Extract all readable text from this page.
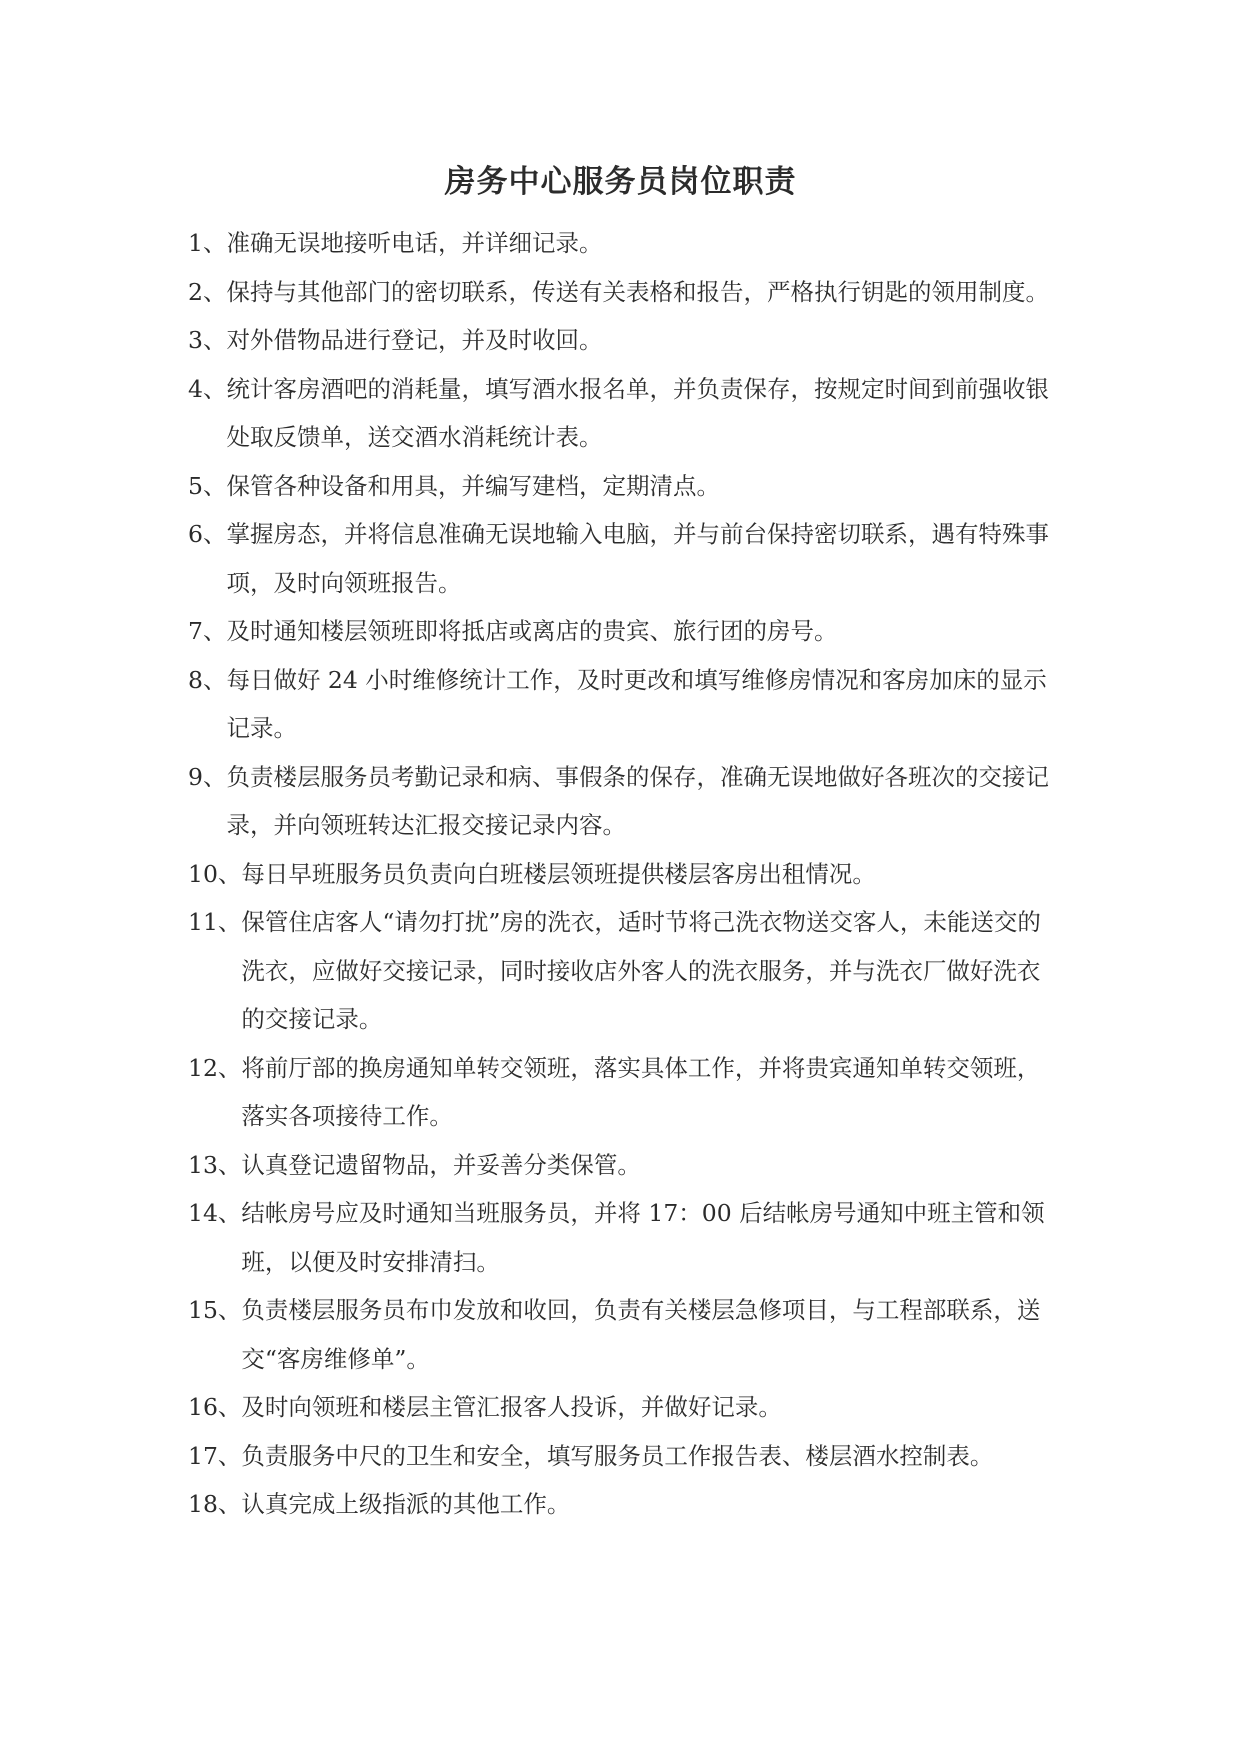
房务中心服务员岗位职责
1、 准确无误地接听电话，并详细记录。
2、 保持与其他部门的密切联系，传送有关表格和报告，严格执行钥匙的领用制度。
3、 对外借物品进行登记，并及时收回。
4、 统计客房酒吧的消耗量，填写酒水报名单，并负责保存，按规定时间到前强收银处取反馈单，送交酒水消耗统计表。
5、 保管各种设备和用具，并编写建档，定期清点。
6、 掌握房态，并将信息准确无误地输入电脑，并与前台保持密切联系，遇有特殊事项，及时向领班报告。
7、 及时通知楼层领班即将抵店或离店的贵宾、旅行团的房号。
8、 每日做好 24 小时维修统计工作，及时更改和填写维修房情况和客房加床的显示记录。
9、 负责楼层服务员考勤记录和病、事假条的保存，准确无误地做好各班次的交接记录，并向领班转达汇报交接记录内容。
10、 每日早班服务员负责向白班楼层领班提供楼层客房出租情况。
11、 保管住店客人“请勿打扰”房的洗衣，适时节将己洗衣物送交客人，未能送交的洗衣，应做好交接记录，同时接收店外客人的洗衣服务，并与洗衣厂做好洗衣的交接记录。
12、 将前厅部的换房通知单转交领班，落实具体工作，并将贵宾通知单转交领班，落实各项接待工作。
13、 认真登记遗留物品，并妥善分类保管。
14、 结帐房号应及时通知当班服务员，并将 17：00 后结帐房号通知中班主管和领班，以便及时安排清扫。
15、 负责楼层服务员布巾发放和收回，负责有关楼层急修项目，与工程部联系，送交“客房维修单”。
16、 及时向领班和楼层主管汇报客人投诉，并做好记录。
17、 负责服务中尺的卫生和安全，填写服务员工作报告表、楼层酒水控制表。
18、 认真完成上级指派的其他工作。
